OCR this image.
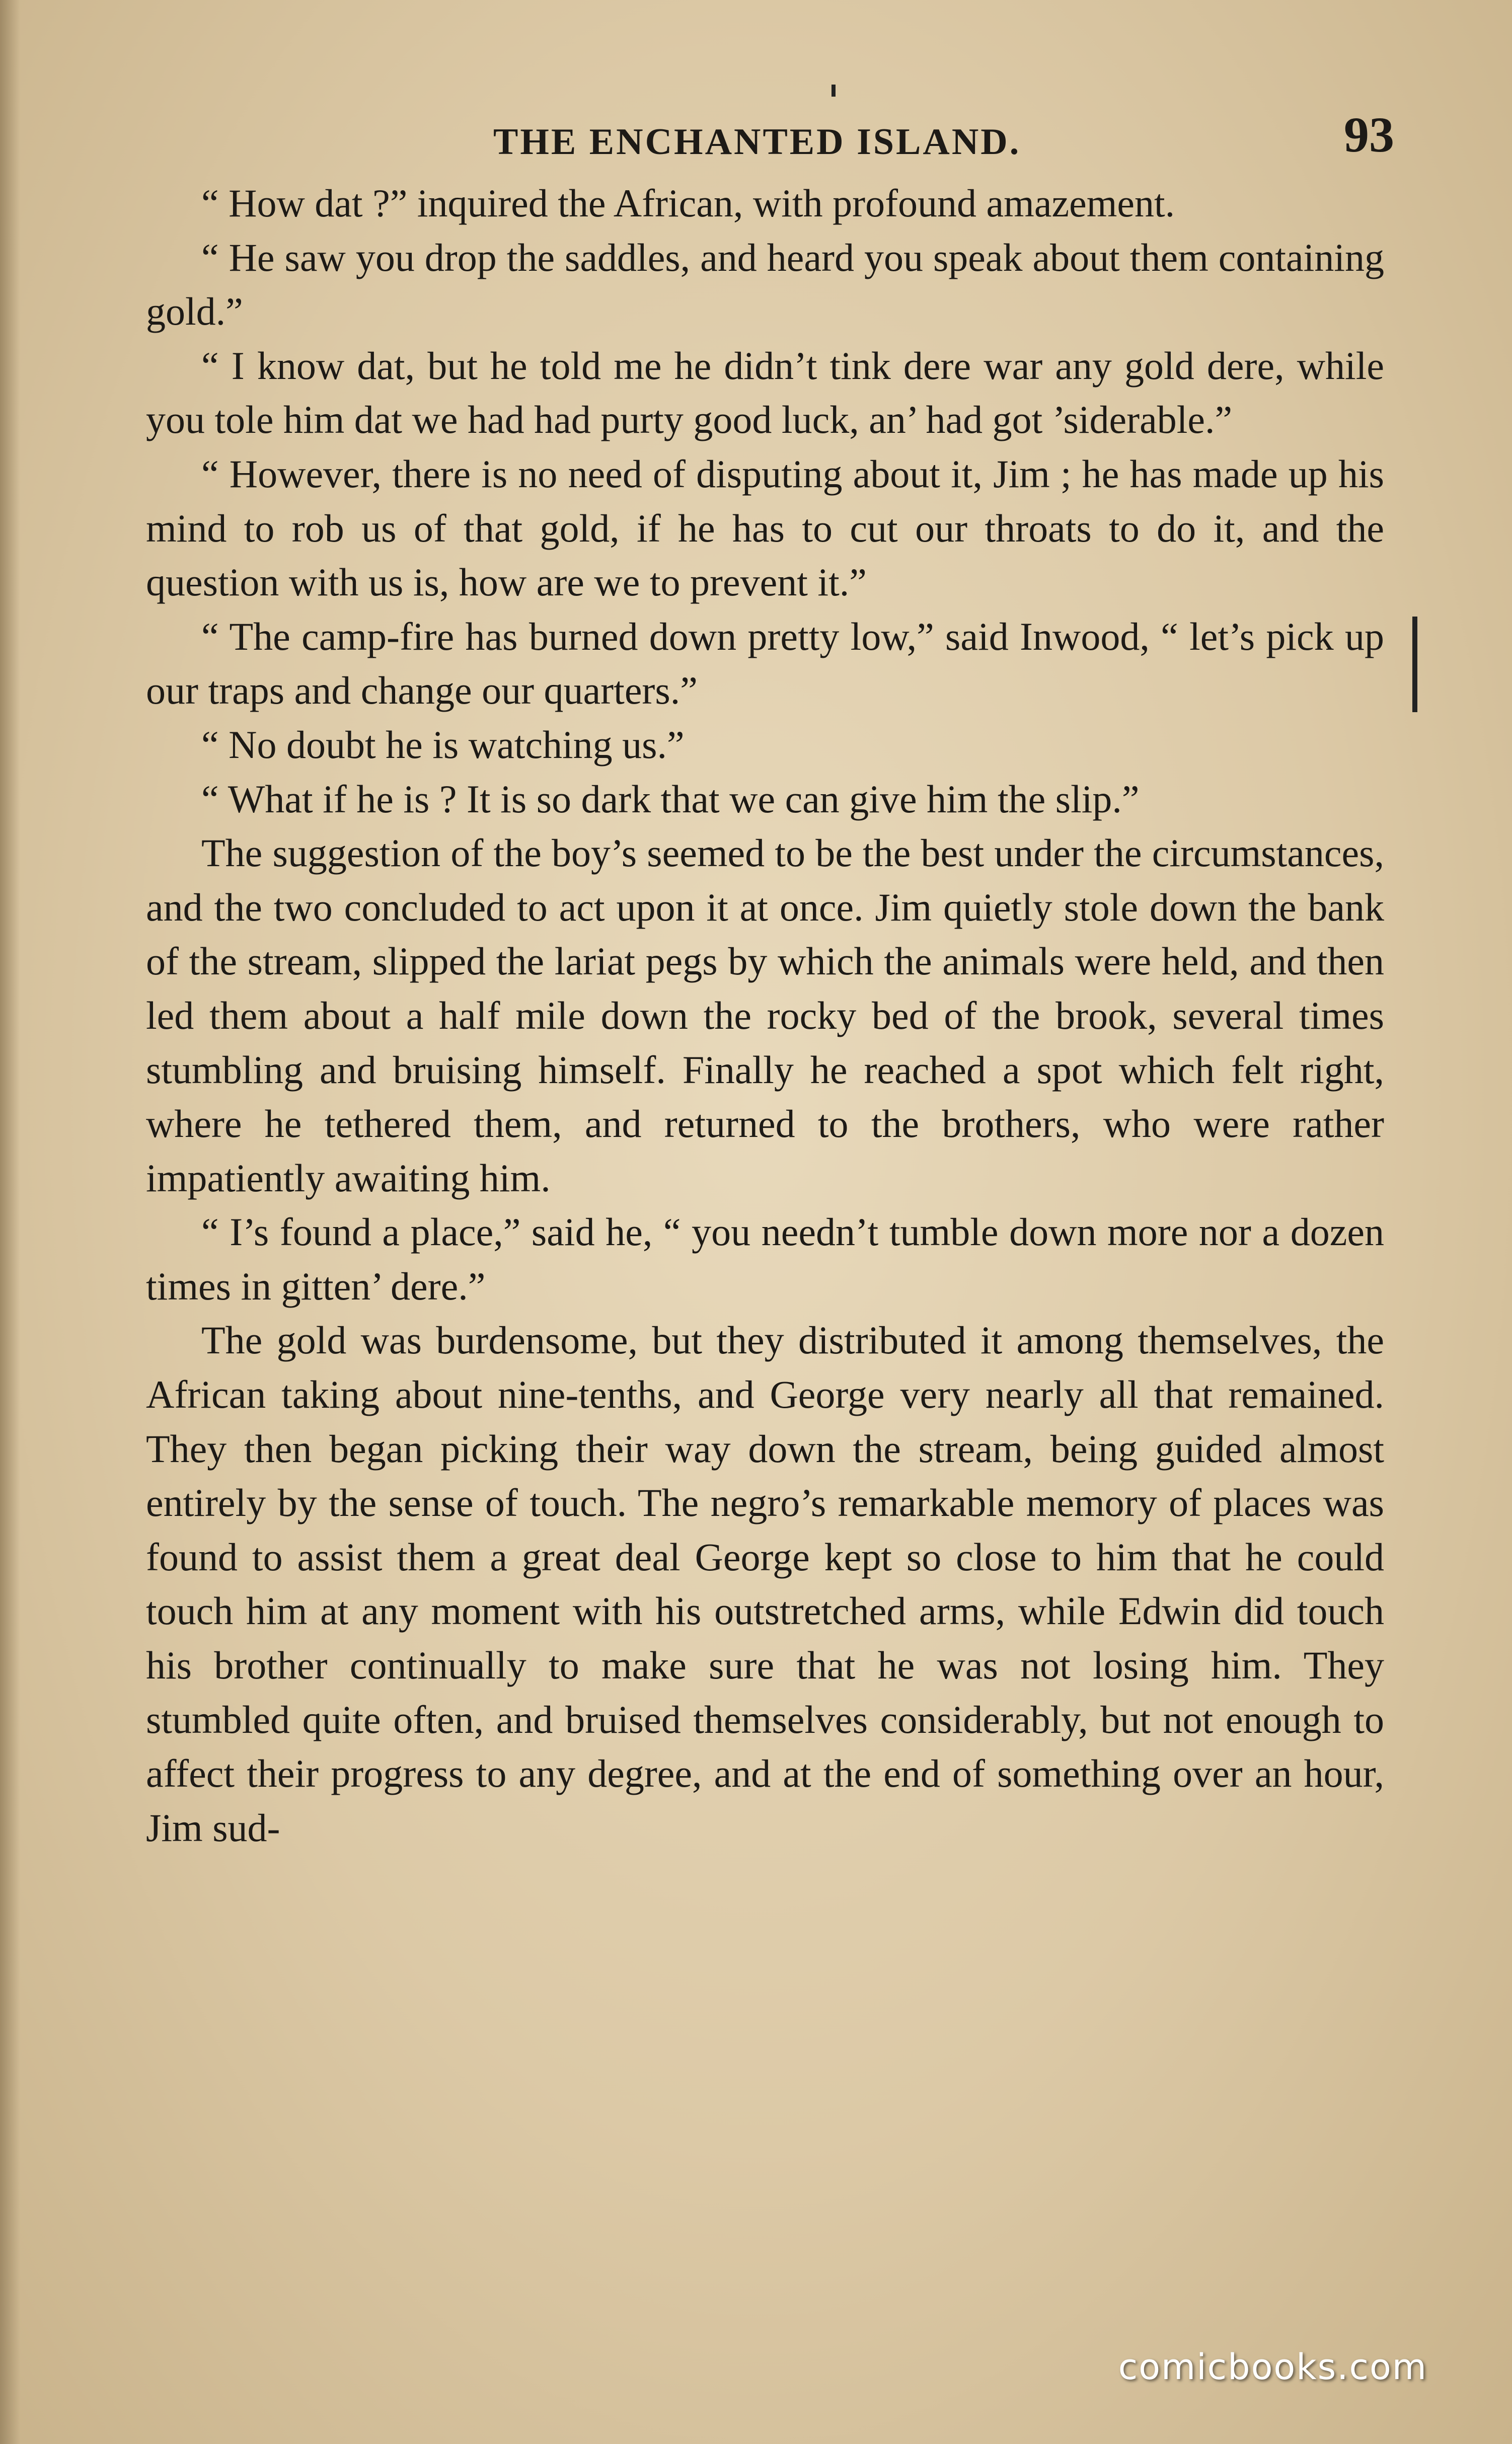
THE ENCHANTED ISLAND.	93

“ How dat ?” inquired the African, with profound amazement.

“ He saw you drop the saddles, and heard you speak about them containing gold.”

“ I know dat, but he told me he didn’t tink dere war any gold dere, while you tole him dat we had had purty good luck, an’ had got ’siderable.”

“ However, there is no need of disputing about it, Jim ; he has made up his mind to rob us of that gold, if he has to cut our throats to do it, and the question with us is, how are we to prevent it.”

“ The camp-fire has burned down pretty low,” said Inwood, “ let’s pick up our traps and change our quarters.”

“ No doubt he is watching us.”

“ What if he is ? It is so dark that we can give him the slip.”

The suggestion of the boy’s seemed to be the best under the circumstances, and the two concluded to act upon it at once. Jim quietly stole down the bank of the stream, slipped the lariat pegs by which the animals were held, and then led them about a half mile down the rocky bed of the brook, several times stumbling and bruising himself. Finally he reached a spot which felt right, where he tethered them, and returned to the brothers, who were rather impatiently awaiting him.

“ I’s found a place,” said he, “ you needn’t tumble down more nor a dozen times in gitten’ dere.”

The gold was burdensome, but they distributed it among themselves, the African taking about nine-tenths, and George very nearly all that remained. They then began picking their way down the stream, being guided almost entirely by the sense of touch. The negro’s remarkable memory of places was found to assist them a great deal George kept so close to him that he could touch him at any moment with his outstretched arms, while Edwin did touch his brother continually to make sure that he was not losing him. They stumbled quite often, and bruised themselves considerably, but not enough to affect their progress to any degree, and at the end of something over an hour, Jim sud-

comicbooks.com
